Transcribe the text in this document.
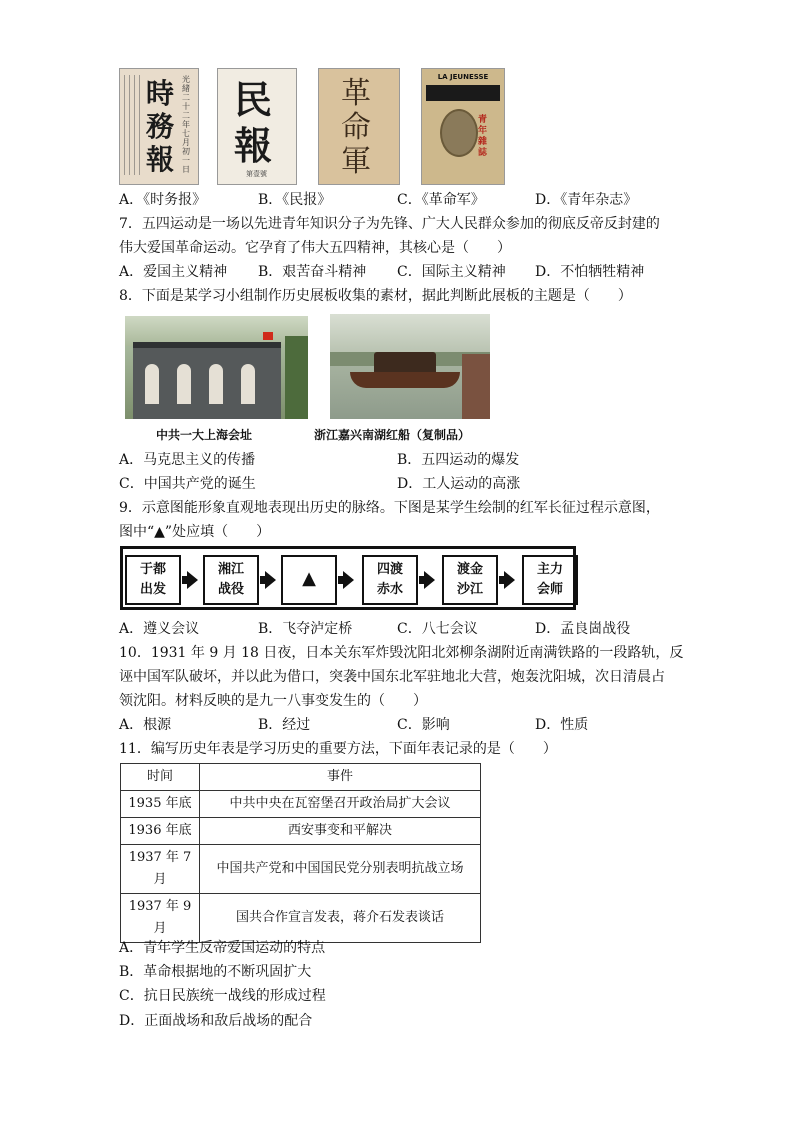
時
務
報
光緒二十二年七月初一日
民
報
第壹號
革
命
軍
LA JEUNESSE
青年雜誌
A．《时务报》	B．《民报》	C．《革命军》	D．《青年杂志》
7．五四运动是一场以先进青年知识分子为先锋、广大人民群众参加的彻底反帝反封建的
伟大爱国革命运动。它孕育了伟大五四精神，其核心是（　　）
A．爱国主义精神 B．艰苦奋斗精神 C．国际主义精神 D．不怕牺牲精神
8．下面是某学习小组制作历史展板收集的素材，据此判断此展板的主题是（　　）
中共一大上海会址	浙江嘉兴南湖红船（复制品）
A．马克思主义的传播	B．五四运动的爆发
C．中国共产党的诞生	D．工人运动的高涨
9．示意图能形象直观地表现出历史的脉络。下图是某学生绘制的红军长征过程示意图，
图中“▲”处应填（　　）
于都
出发
湘江
战役
▲	四渡
赤水
渡金
沙江
主力
会师
A．遵义会议	B．飞夺泸定桥	C．八七会议	D．孟良崮战役
10．1931 年 9 月 18 日夜，日本关东军炸毁沈阳北郊柳条湖附近南满铁路的一段路轨，反
诬中国军队破坏，并以此为借口，突袭中国东北军驻地北大营，炮轰沈阳城，次日清晨占
领沈阳。材料反映的是九一八事变发生的（　　）
A．根源	B．经过	C．影响	D．性质
11．编写历史年表是学习历史的重要方法，下面年表记录的是（　　）
时间	事件
1935 年底	中共中央在瓦窑堡召开政治局扩大会议
1936 年底	西安事变和平解决
1937 年 7 月	中国共产党和中国国民党分别表明抗战立场
1937 年 9 月	国共合作宣言发表，蒋介石发表谈话
A．青年学生反帝爱国运动的特点
B．革命根据地的不断巩固扩大
C．抗日民族统一战线的形成过程
D．正面战场和敌后战场的配合
